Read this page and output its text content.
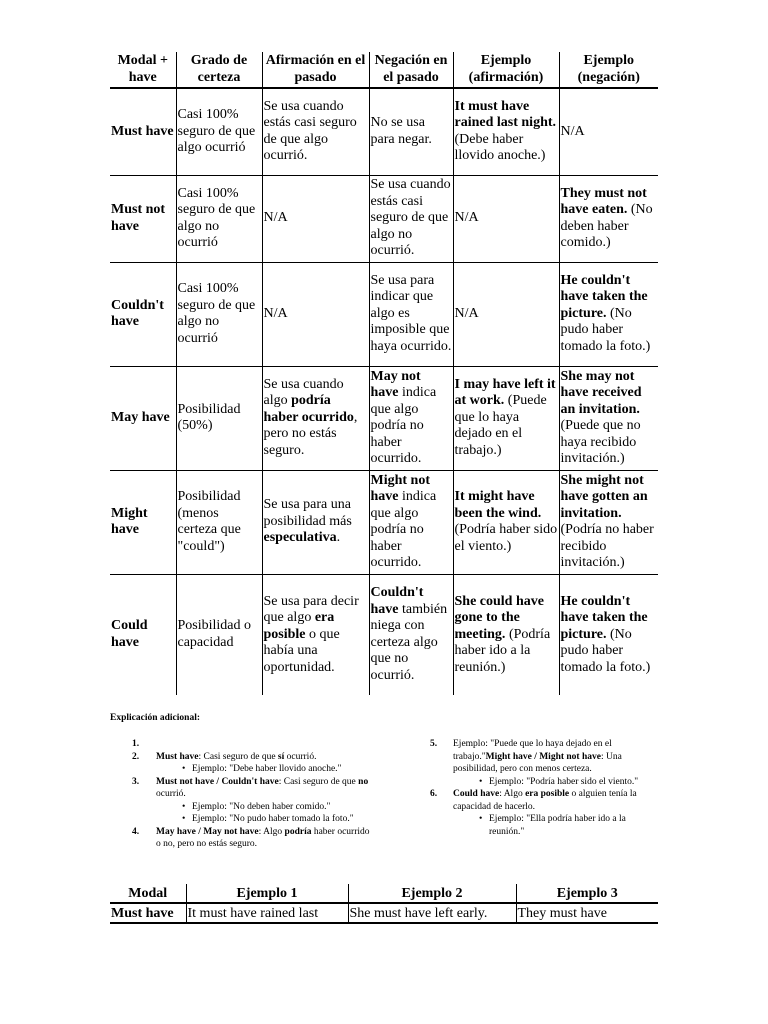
Modal + have	Grado de certeza	Afirmación en el pasado	Negación en el pasado	Ejemplo (afirmación)	Ejemplo (negación)
Must have	Casi 100% seguro de que algo ocurrió	Se usa cuando estás casi seguro de que algo ocurrió.	No se usa para negar.	It must have rained last night. (Debe haber llovido anoche.)	N/A
Must not have	Casi 100% seguro de que algo no ocurrió	N/A	Se usa cuando estás casi seguro de que algo no ocurrió.	N/A	They must not have eaten. (No deben haber comido.)
Couldn't have	Casi 100% seguro de que algo no ocurrió	N/A	Se usa para indicar que algo es imposible que haya ocurrido.	N/A	He couldn't have taken the picture. (No pudo haber tomado la foto.)
May have	Posibilidad (50%)	Se usa cuando algo podría haber ocurrido, pero no estás seguro.	May not have indica que algo podría no haber ocurrido.	I may have left it at work. (Puede que lo haya dejado en el trabajo.)	She may not have received an invitation. (Puede que no haya recibido invitación.)
Might have	Posibilidad (menos certeza que "could")	Se usa para una posibilidad más especulativa.	Might not have indica que algo podría no haber ocurrido.	It might have been the wind. (Podría haber sido el viento.)	She might not have gotten an invitation. (Podría no haber recibido invitación.)
Could have	Posibilidad o capacidad	Se usa para decir que algo era posible o que había una oportunidad.	Couldn't have también niega con certeza algo que no ocurrió.	She could have gone to the meeting. (Podría haber ido a la reunión.)	He couldn't have taken the picture. (No pudo haber tomado la foto.)
Explicación adicional:
1.

2. Must have: Casi seguro de que sí ocurrió.
• Ejemplo: "Debe haber llovido anoche."
3. Must not have / Couldn't have: Casi seguro de que no ocurrió.
• Ejemplo: "No deben haber comido."
• Ejemplo: "No pudo haber tomado la foto."
4. May have / May not have: Algo podría haber ocurrido o no, pero no estás seguro.
5. Ejemplo: "Puede que lo haya dejado en el trabajo."Might have / Might not have: Una posibilidad, pero con menos certeza.
• Ejemplo: "Podría haber sido el viento."
6. Could have: Algo era posible o alguien tenía la capacidad de hacerlo.
• Ejemplo: "Ella podría haber ido a la reunión."
Modal	Ejemplo 1	Ejemplo 2	Ejemplo 3
Must have	It must have rained last	She must have left early.	They must have
